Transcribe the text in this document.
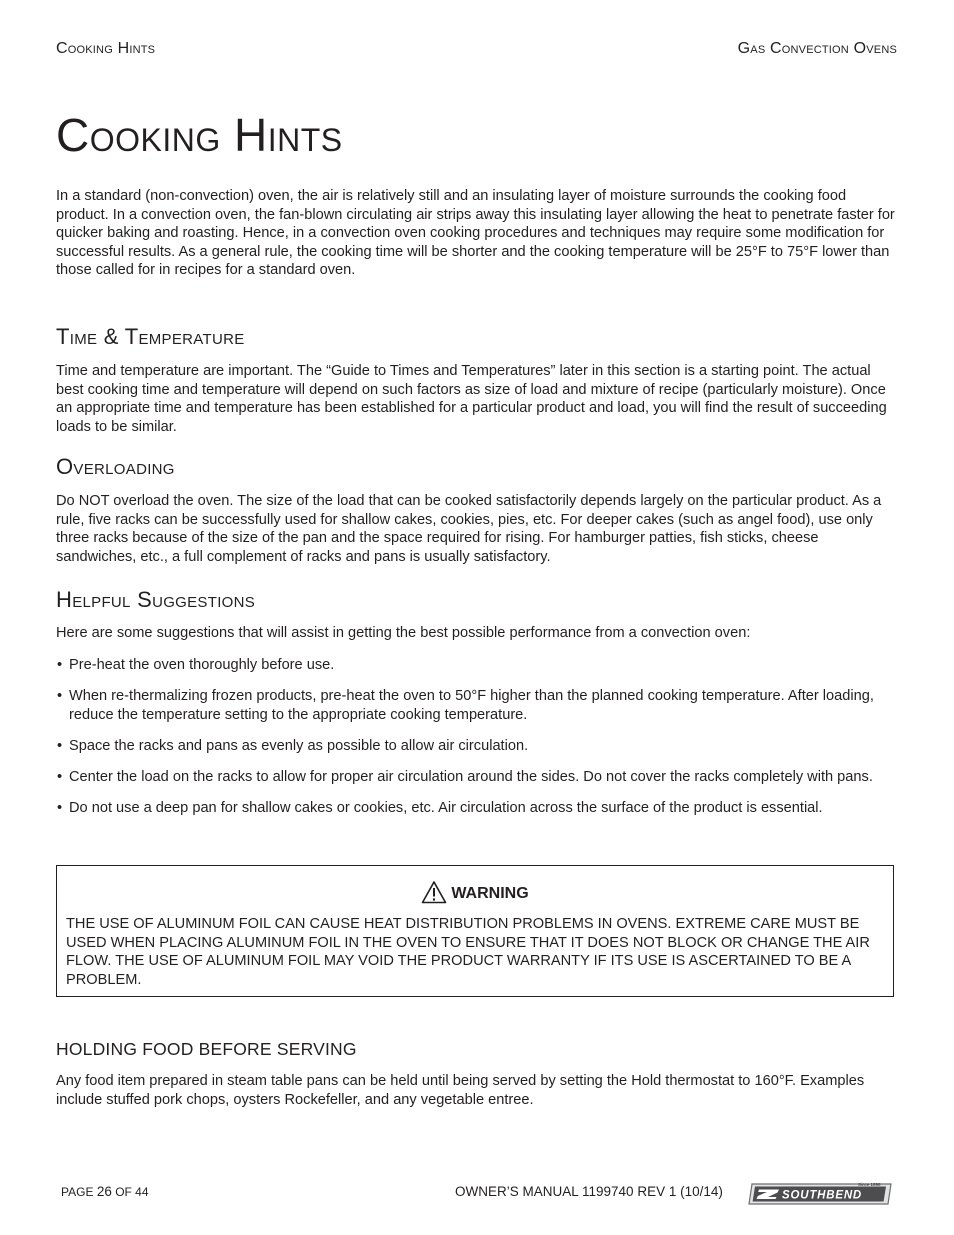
Cooking Hints	Gas Convection Ovens
Cooking Hints

In a standard (non-convection) oven, the air is relatively still and an insulating layer of moisture surrounds the cooking food product. In a convection oven, the fan-blown circulating air strips away this insulating layer allowing the heat to penetrate faster for quicker baking and roasting. Hence, in a convection oven cooking procedures and techniques may require some modification for successful results. As a general rule, the cooking time will be shorter and the cooking temperature will be 25°F to 75°F lower than those called for in recipes for a standard oven.

Time & Temperature

Time and temperature are important. The “Guide to Times and Temperatures” later in this section is a starting point. The actual best cooking time and temperature will depend on such factors as size of load and mixture of recipe (particularly moisture). Once an appropriate time and temperature has been established for a particular product and load, you will find the result of succeeding loads to be similar.

Overloading

Do NOT overload the oven. The size of the load that can be cooked satisfactorily depends largely on the particular product. As a rule, five racks can be successfully used for shallow cakes, cookies, pies, etc. For deeper cakes (such as angel food), use only three racks because of the size of the pan and the space required for rising. For hamburger patties, fish sticks, cheese sandwiches, etc., a full complement of racks and pans is usually satisfactory.

Helpful Suggestions

Here are some suggestions that will assist in getting the best possible performance from a convection oven:

• Pre-heat the oven thoroughly before use.
• When re-thermalizing frozen products, pre-heat the oven to 50°F higher than the planned cooking temperature. After loading, reduce the temperature setting to the appropriate cooking temperature.
• Space the racks and pans as evenly as possible to allow air circulation.
• Center the load on the racks to allow for proper air circulation around the sides. Do not cover the racks completely with pans.
• Do not use a deep pan for shallow cakes or cookies, etc. Air circulation across the surface of the product is essential.
WARNING

THE USE OF ALUMINUM FOIL CAN CAUSE HEAT DISTRIBUTION PROBLEMS IN OVENS. EXTREME CARE MUST BE USED WHEN PLACING ALUMINUM FOIL IN THE OVEN TO ENSURE THAT IT DOES NOT BLOCK OR CHANGE THE AIR FLOW. THE USE OF ALUMINUM FOIL MAY VOID THE PRODUCT WARRANTY IF ITS USE IS ASCERTAINED TO BE A PROBLEM.

HOLDING FOOD BEFORE SERVING

Any food item prepared in steam table pans can be held until being served by setting the Hold thermostat to 160°F. Examples include stuffed pork chops, oysters Rockefeller, and any vegetable entree.

PAGE 26 OF 44	OWNER’S MANUAL 1199740 REV 1 (10/14)	Since 1898
SOUTHBEND
